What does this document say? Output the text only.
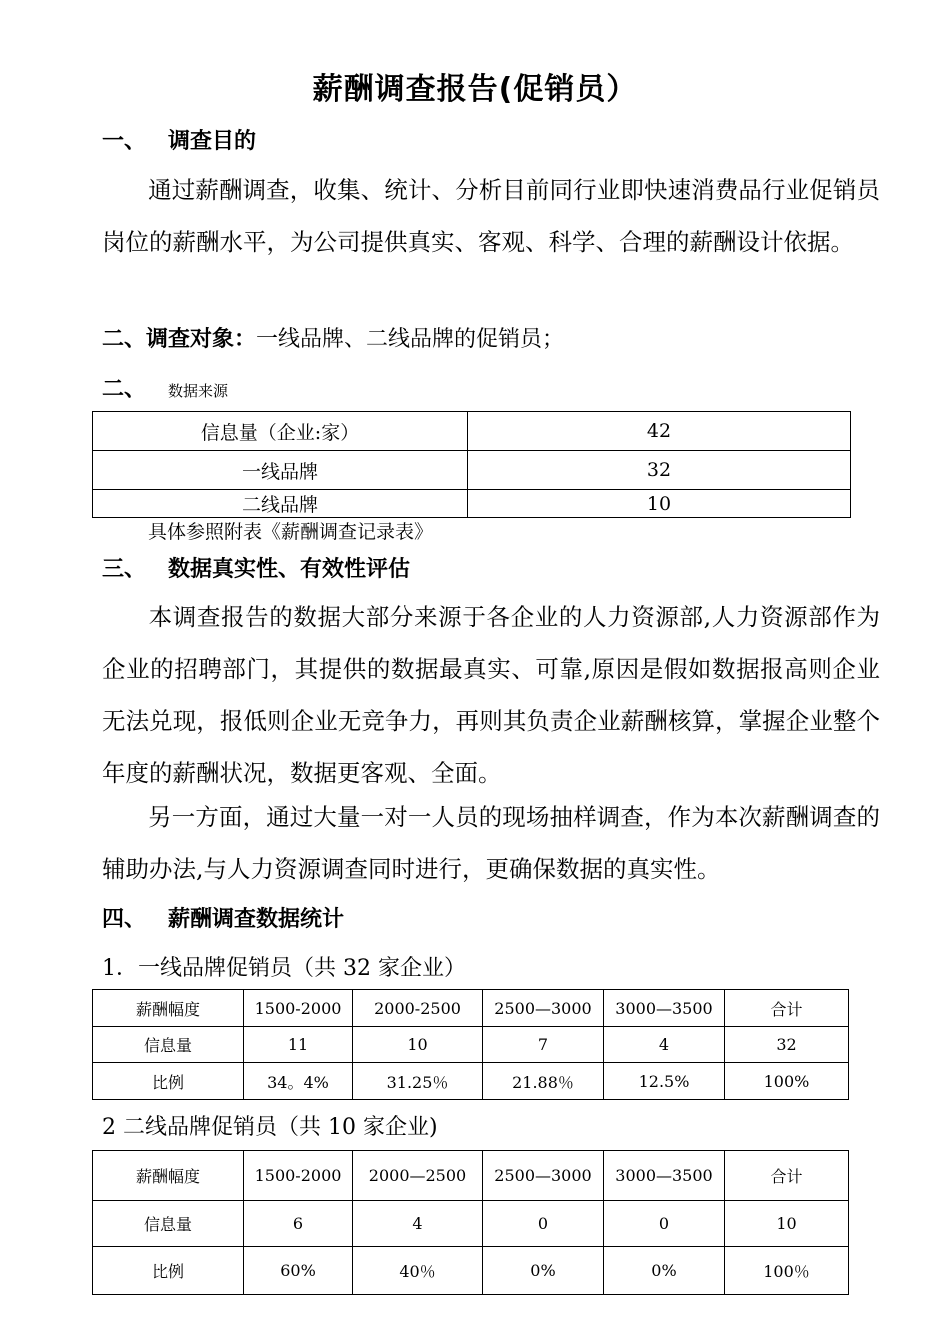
薪酬调查报告(促销员）
一、 调查目的
通过薪酬调查，收集、统计、分析目前同行业即快速消费品行业促销员岗位的薪酬水平，为公司提供真实、客观、科学、合理的薪酬设计依据。
二、调查对象：一线品牌、二线品牌的促销员；
二、 数据来源
信息量（企业:家）	42
一线品牌	32
二线品牌	10
具体参照附表《薪酬调查记录表》
三、 数据真实性、有效性评估
本调查报告的数据大部分来源于各企业的人力资源部,人力资源部作为企业的招聘部门，其提供的数据最真实、可靠,原因是假如数据报高则企业无法兑现，报低则企业无竞争力，再则其负责企业薪酬核算，掌握企业整个年度的薪酬状况，数据更客观、全面。
另一方面，通过大量一对一人员的现场抽样调查，作为本次薪酬调查的辅助办法,与人力资源调查同时进行，更确保数据的真实性。
四、 薪酬调查数据统计
1．一线品牌促销员（共 32 家企业）
薪酬幅度	1500-2000	2000-2500	2500—3000	3000—3500	合计
信息量	11	10	7	4	32
比例	34。4%	31.25％	21.88％	12.5%	100%
2 二线品牌促销员（共 10 家企业)
薪酬幅度	1500-2000	2000—2500	2500—3000	3000—3500	合计
信息量	6	4	0	0	10
比例	60%	40％	0%	0%	100％
